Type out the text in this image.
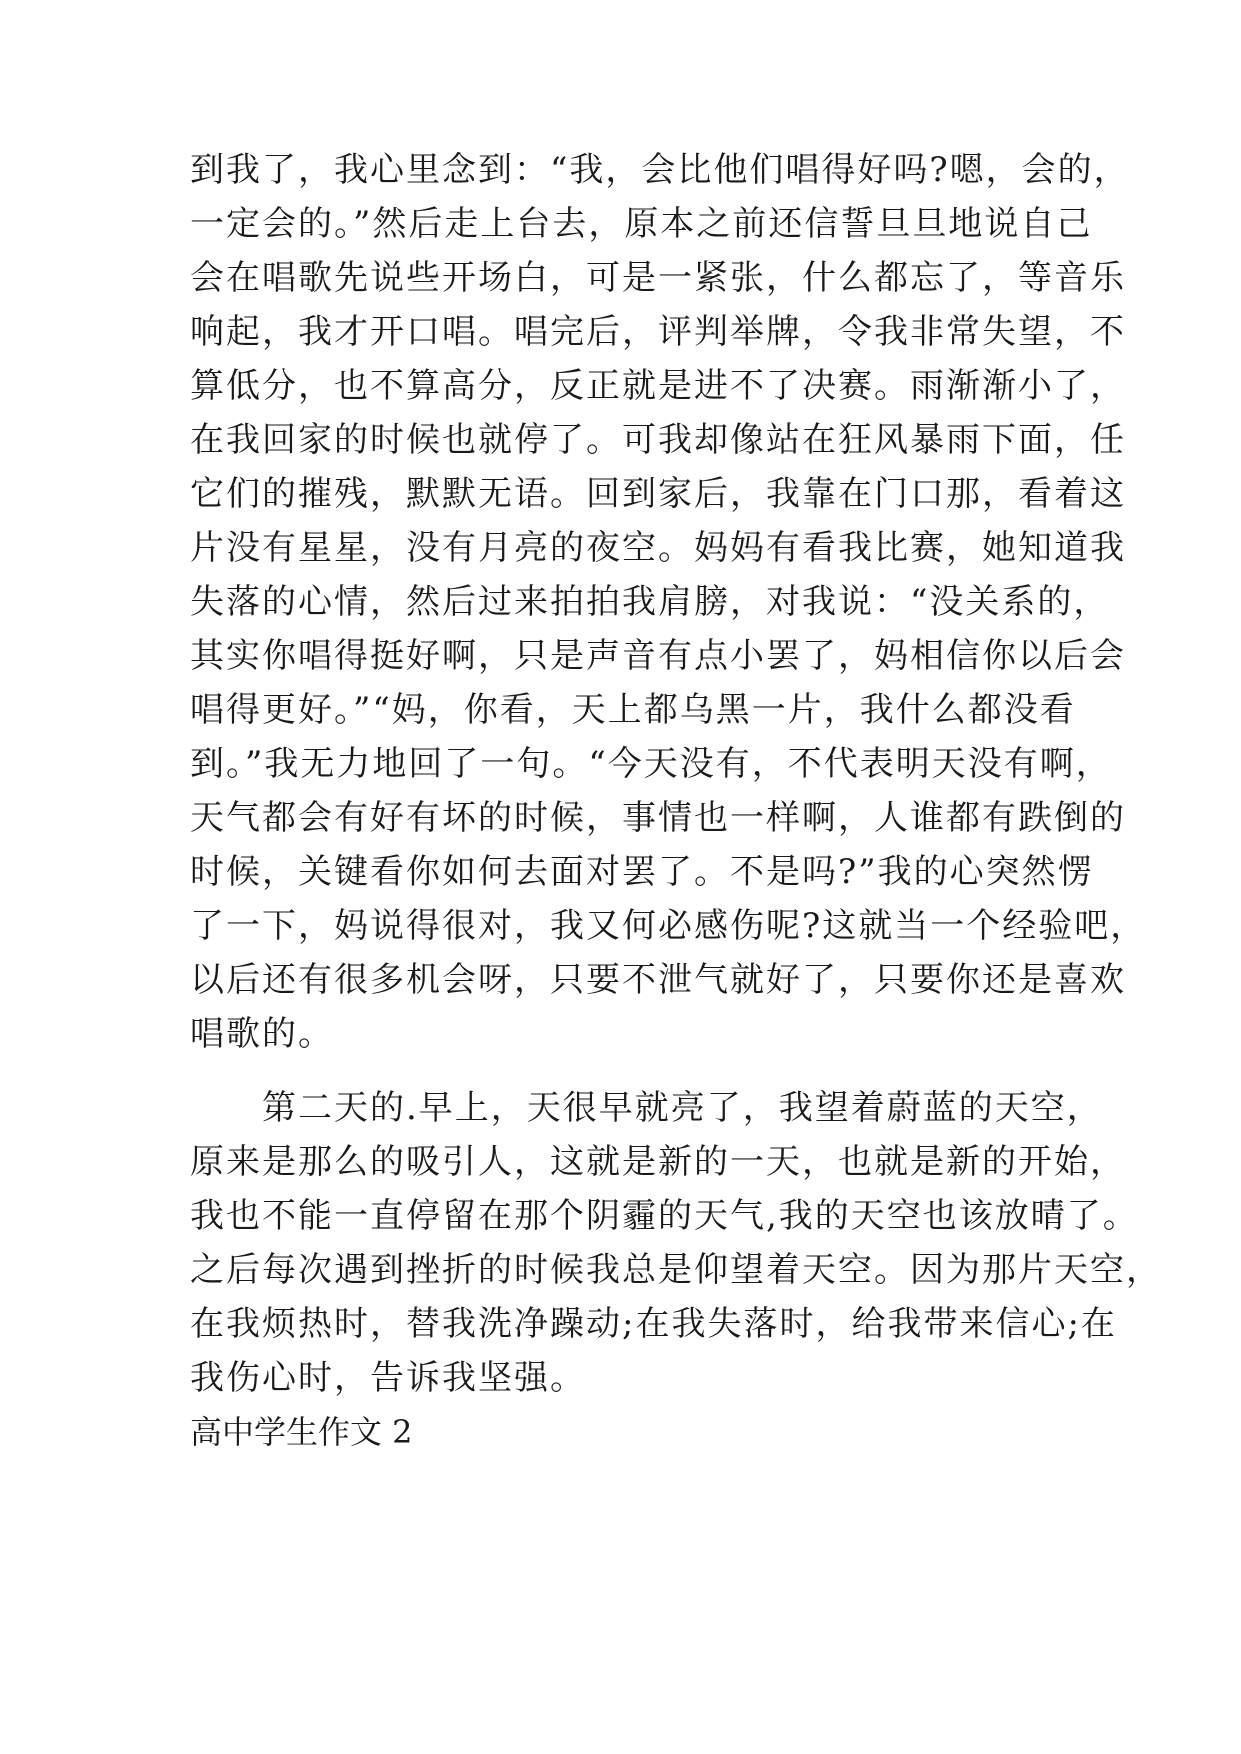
到我了，我心里念到：“我，会比他们唱得好吗?嗯，会的，
一定会的。”然后走上台去，原本之前还信誓旦旦地说自己
会在唱歌先说些开场白，可是一紧张，什么都忘了，等音乐
响起，我才开口唱。唱完后，评判举牌，令我非常失望，不
算低分，也不算高分，反正就是进不了决赛。雨渐渐小了，
在我回家的时候也就停了。可我却像站在狂风暴雨下面，任
它们的摧残，默默无语。回到家后，我靠在门口那，看着这
片没有星星，没有月亮的夜空。妈妈有看我比赛，她知道我
失落的心情，然后过来拍拍我肩膀，对我说：“没关系的，
其实你唱得挺好啊，只是声音有点小罢了，妈相信你以后会
唱得更好。”“妈，你看，天上都乌黑一片，我什么都没看
到。”我无力地回了一句。“今天没有，不代表明天没有啊，
天气都会有好有坏的时候，事情也一样啊，人谁都有跌倒的
时候，关键看你如何去面对罢了。不是吗?”我的心突然愣
了一下，妈说得很对，我又何必感伤呢?这就当一个经验吧，
以后还有很多机会呀，只要不泄气就好了，只要你还是喜欢
唱歌的。
　　第二天的.早上，天很早就亮了，我望着蔚蓝的天空，
原来是那么的吸引人，这就是新的一天，也就是新的开始，
我也不能一直停留在那个阴霾的天气,我的天空也该放晴了。
之后每次遇到挫折的时候我总是仰望着天空。因为那片天空，
在我烦热时，替我洗净躁动;在我失落时，给我带来信心;在
我伤心时，告诉我坚强。
高中学生作文 2
